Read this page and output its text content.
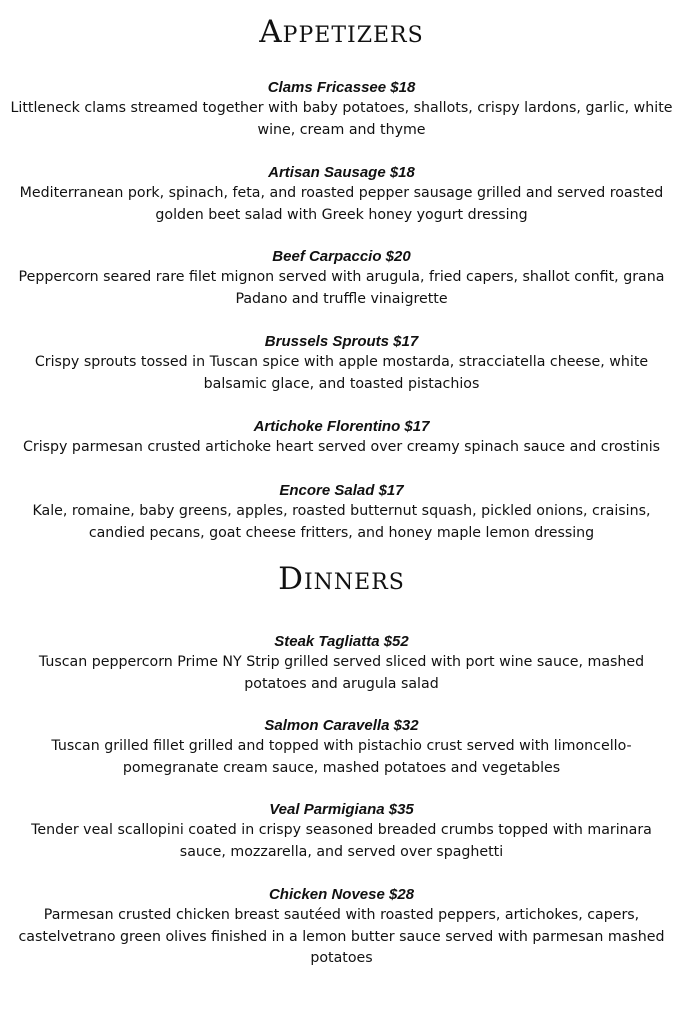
Appetizers
Clams Fricassee $18
Littleneck clams streamed together with baby potatoes, shallots, crispy lardons, garlic, white wine, cream and thyme
Artisan Sausage $18
Mediterranean pork, spinach, feta, and roasted pepper sausage grilled and served roasted golden beet salad with Greek honey yogurt dressing
Beef Carpaccio $20
Peppercorn seared rare filet mignon served with arugula, fried capers, shallot confit, grana Padano and truffle vinaigrette
Brussels Sprouts $17
Crispy sprouts tossed in Tuscan spice with apple mostarda, stracciatella cheese, white balsamic glace, and toasted pistachios
Artichoke Florentino $17
Crispy parmesan crusted artichoke heart served over creamy spinach sauce and crostinis
Encore Salad $17
Kale, romaine, baby greens, apples, roasted butternut squash, pickled onions, craisins, candied pecans, goat cheese fritters, and honey maple lemon dressing
Dinners
Steak Tagliatta $52
Tuscan peppercorn Prime NY Strip grilled served sliced with port wine sauce, mashed potatoes and arugula salad
Salmon Caravella $32
Tuscan grilled fillet grilled and topped with pistachio crust served with limoncello-pomegranate cream sauce, mashed potatoes and vegetables
Veal Parmigiana $35
Tender veal scallopini coated in crispy seasoned breaded crumbs topped with marinara sauce, mozzarella, and served over spaghetti
Chicken Novese $28
Parmesan crusted chicken breast sautéed with roasted peppers, artichokes, capers, castelvetrano green olives finished in a lemon butter sauce served with parmesan mashed potatoes
